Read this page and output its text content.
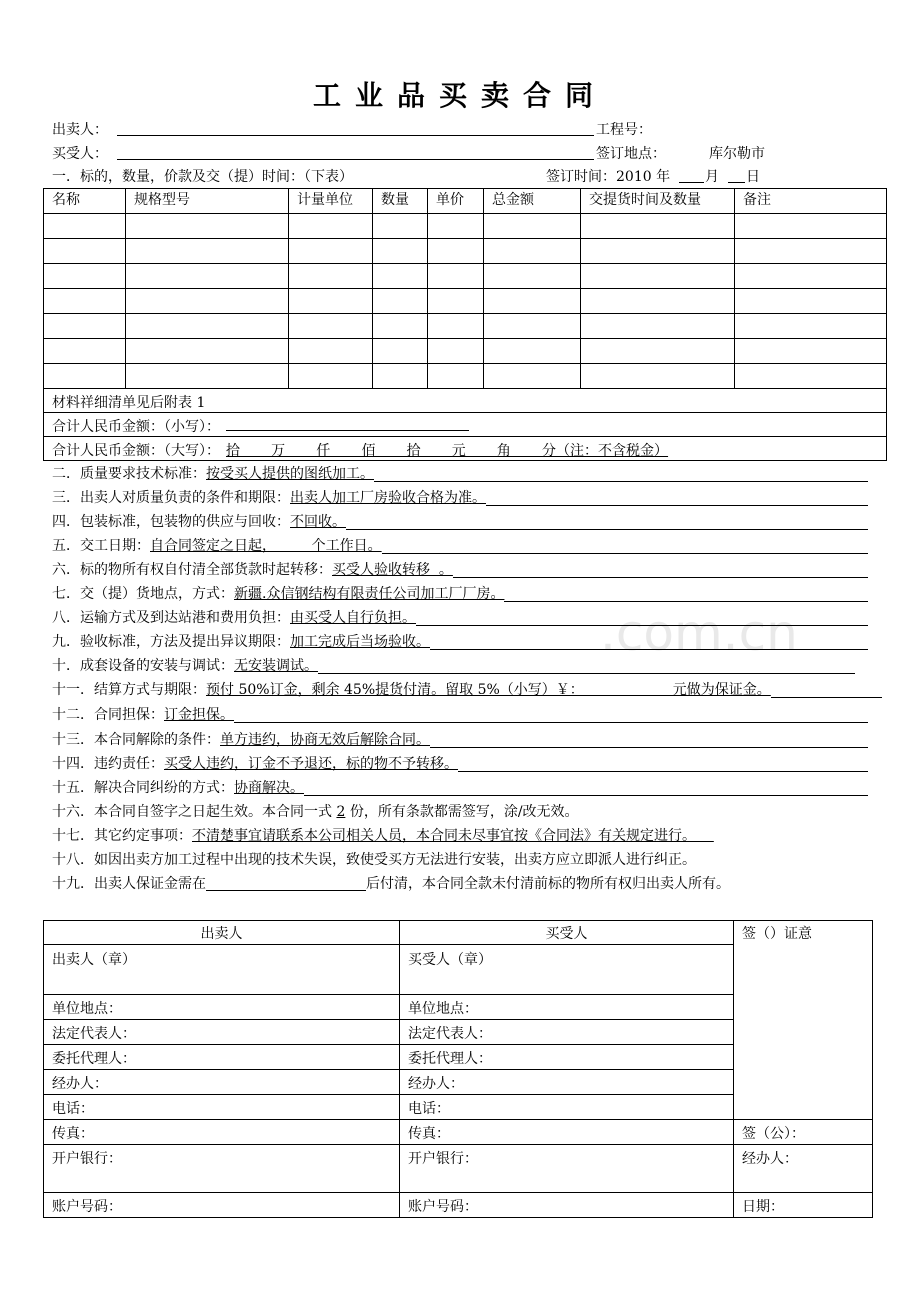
.com.cn
工业品买卖合同
出卖人：	工程号：
买受人：	签订地点：	库尔勒市
一．标的，数量，价款及交（提）时间：（下表）	签订时间：2010 年 月 日
名称	规格型号	计量单位	数量	单价	总金额	交提货时间及数量	备注

材料祥细清单见后附表 1							
合计人民币金额：（小写）：							
合计人民币金额：（大写）： 拾       万       仟       佰       拾       元       角       分（注：不含税金）							
二．质量要求技术标准：按受买人提供的图纸加工。
三．出卖人对质量负责的条件和期限：出卖人加工厂房验收合格为准。
四．包装标准，包装物的供应与回收：不回收。
五．交工日期：自合同签定之日起，        个工作日。
六．标的物所有权自付清全部货款时起转移：买受人验收转移  。
七．交（提）货地点，方式：新疆.众信钢结构有限责任公司加工厂厂房。
八．运输方式及到达站港和费用负担：由买受人自行负担。
九．验收标准，方法及提出异议期限：加工完成后当场验收。
十．成套设备的安装与调试：无安装调试。
十一．结算方式与期限：预付 50%订金，剩余 45%提货付清。留取 5%（小写）￥：                    元做为保证金。
十二．合同担保：订金担保。
十三．本合同解除的条件：单方违约，协商无效后解除合同。
十四．违约责任：买受人违约，订金不予退还，标的物不予转移。
十五．解决合同纠纷的方式：协商解决。
十六．本合同自签字之日起生效。本合同一式 2 份，所有条款都需签写，涂/改无效。
十七．其它约定事项：不清楚事宜请联系本公司相关人员，本合同未尽事宜按《合同法》有关规定进行。
十八．如因出卖方加工过程中出现的技术失误，致使受买方无法进行安装，出卖方应立即派人进行纠正。
十九．出卖人保证金需在	后付清，本合同全款未付清前标的物所有权归出卖人所有。
出卖人	买受人	签（）证意
出卖人（章）	买受人（章）	
单位地点：	单位地点：	
法定代表人：	法定代表人：	
委托代理人：	委托代理人：	
经办人：	经办人：	
电话：	电话：	
传真：	传真：	签（公）：
开户银行：	开户银行：	经办人：
账户号码：	账户号码：	日期：
